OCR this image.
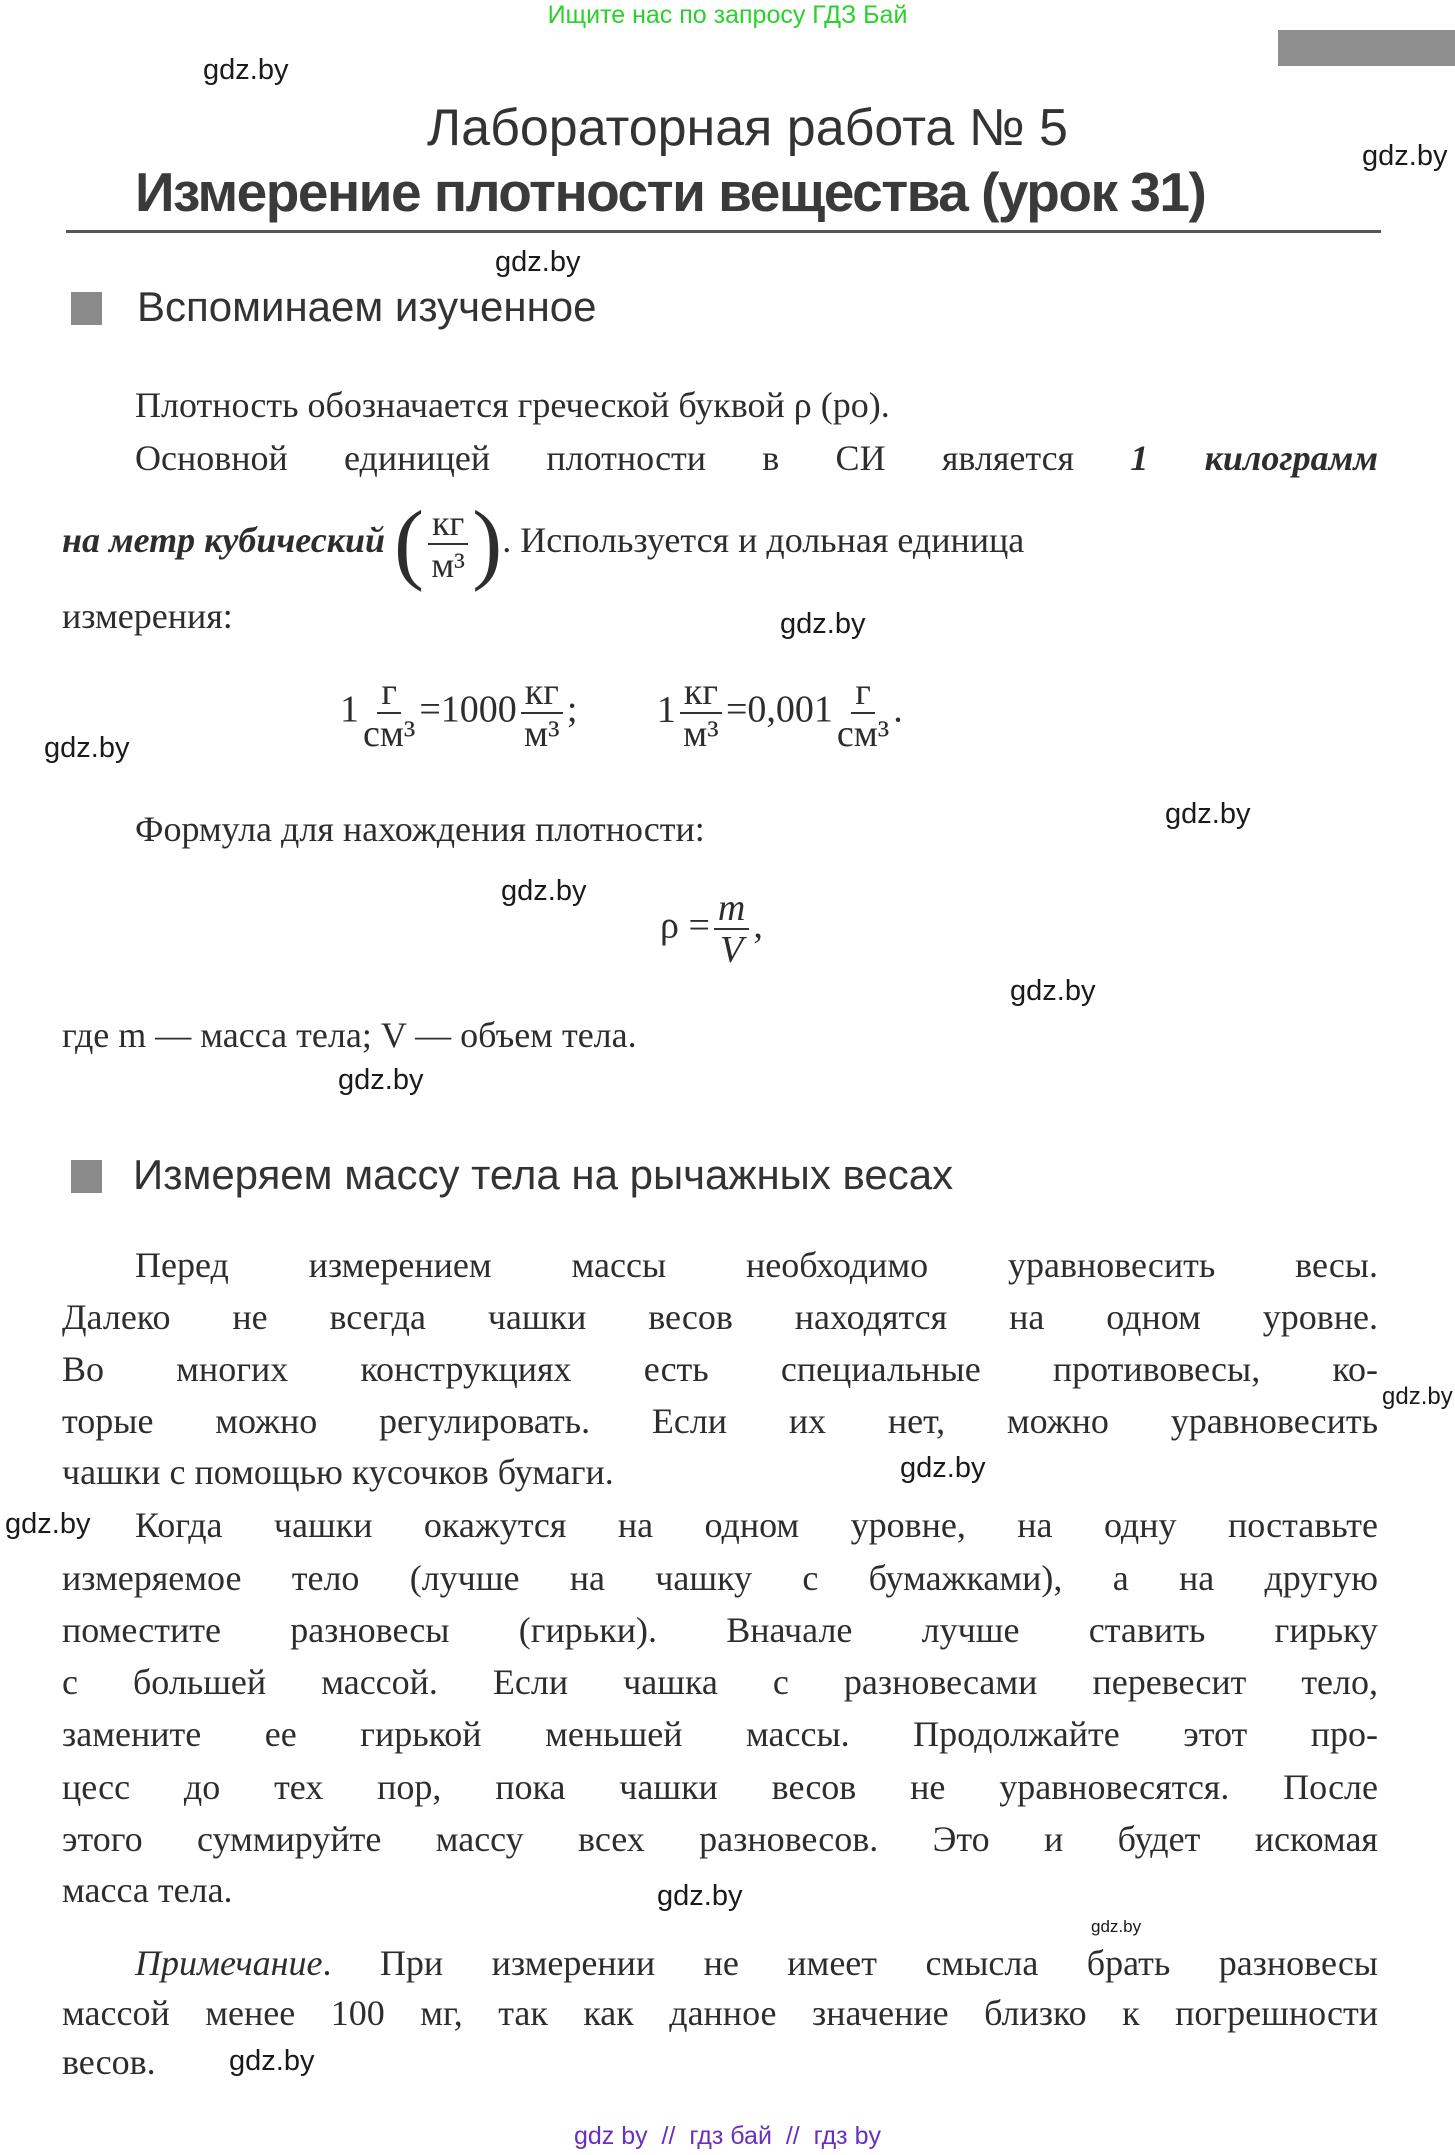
Ищите нас по запросу ГДЗ Бай
Лабораторная работа № 5
Измерение плотности вещества (урок 31)
Вспоминаем изученное
Плотность обозначается греческой буквой ρ (ро).
Основной единицей плотности в СИ является 1 килограмм
на метр кубический ( $\frac{кг}{\text{м³}}$ ). Используется и дольная единица
измерения:
$1 \frac{г}{\text{см³}} =1000 \frac{кг}{\text{м³}}$ ; $1 \frac{кг}{\text{м³}} =0,001 \frac{г}{\text{см³}}$ .
Формула для нахождения плотности:
$\rho = \frac{m}{V}$ ,
где m — масса тела; V — объем тела.
Измеряем массу тела на рычажных весах
Перед измерением массы необходимо уравновесить весы.
Далеко не всегда чашки весов находятся на одном уровне.
Во многих конструкциях есть специальные противовесы, ко-
торые можно регулировать. Если их нет, можно уравновесить
чашки с помощью кусочков бумаги.
Когда чашки окажутся на одном уровне, на одну поставьте
измеряемое тело (лучше на чашку с бумажками), а на другую
поместите разновесы (гирьки). Вначале лучше ставить гирьку
с большей массой. Если чашка с разновесами перевесит тело,
замените ее гирькой меньшей массы. Продолжайте этот про-
цесс до тех пор, пока чашки весов не уравновесятся. После
этого суммируйте массу всех разновесов. Это и будет искомая
масса тела.
Примечание. При измерении не имеет смысла брать разновесы
массой менее 100 мг, так как данное значение близко к погрешности
весов.
gdz.by
gdz.by
gdz.by
gdz.by
gdz.by
gdz.by
gdz.by
gdz.by
gdz.by
gdz.by
gdz.by
gdz.by
gdz.by
gdz.by
gdz.by
gdz by  //  гдз бай  //  гдз by
